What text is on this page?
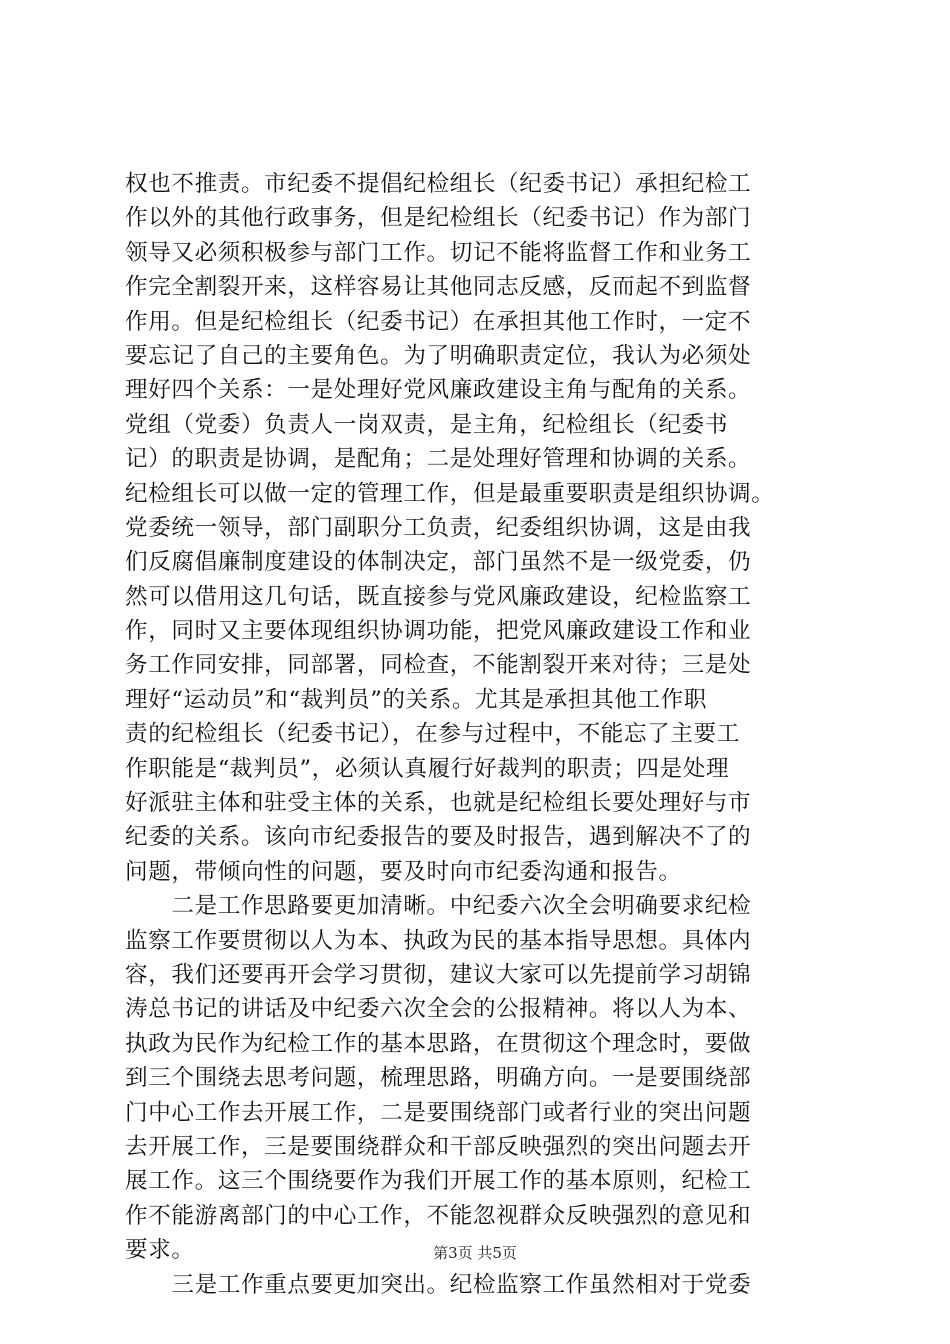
权也不推责。市纪委不提倡纪检组长（纪委书记）承担纪检工
作以外的其他行政事务，但是纪检组长（纪委书记）作为部门
领导又必须积极参与部门工作。切记不能将监督工作和业务工
作完全割裂开来，这样容易让其他同志反感，反而起不到监督
作用。但是纪检组长（纪委书记）在承担其他工作时，一定不
要忘记了自己的主要角色。为了明确职责定位，我认为必须处
理好四个关系：一是处理好党风廉政建设主角与配角的关系。
党组（党委）负责人一岗双责，是主角，纪检组长（纪委书
记）的职责是协调，是配角；二是处理好管理和协调的关系。
纪检组长可以做一定的管理工作，但是最重要职责是组织协调。
党委统一领导，部门副职分工负责，纪委组织协调，这是由我
们反腐倡廉制度建设的体制决定，部门虽然不是一级党委，仍
然可以借用这几句话，既直接参与党风廉政建设，纪检监察工
作，同时又主要体现组织协调功能，把党风廉政建设工作和业
务工作同安排，同部署，同检查，不能割裂开来对待；三是处
理好“运动员”和“裁判员”的关系。尤其是承担其他工作职
责的纪检组长（纪委书记），在参与过程中，不能忘了主要工
作职能是“裁判员”，必须认真履行好裁判的职责；四是处理
好派驻主体和驻受主体的关系，也就是纪检组长要处理好与市
纪委的关系。该向市纪委报告的要及时报告，遇到解决不了的
问题，带倾向性的问题，要及时向市纪委沟通和报告。
　　二是工作思路要更加清晰。中纪委六次全会明确要求纪检
监察工作要贯彻以人为本、执政为民的基本指导思想。具体内
容，我们还要再开会学习贯彻，建议大家可以先提前学习胡锦
涛总书记的讲话及中纪委六次全会的公报精神。将以人为本、
执政为民作为纪检工作的基本思路，在贯彻这个理念时，要做
到三个围绕去思考问题，梳理思路，明确方向。一是要围绕部
门中心工作去开展工作，二是要围绕部门或者行业的突出问题
去开展工作，三是要围绕群众和干部反映强烈的突出问题去开
展工作。这三个围绕要作为我们开展工作的基本原则，纪检工
作不能游离部门的中心工作，不能忽视群众反映强烈的意见和
要求。
　　三是工作重点要更加突出。纪检监察工作虽然相对于党委
第3页 共5页
